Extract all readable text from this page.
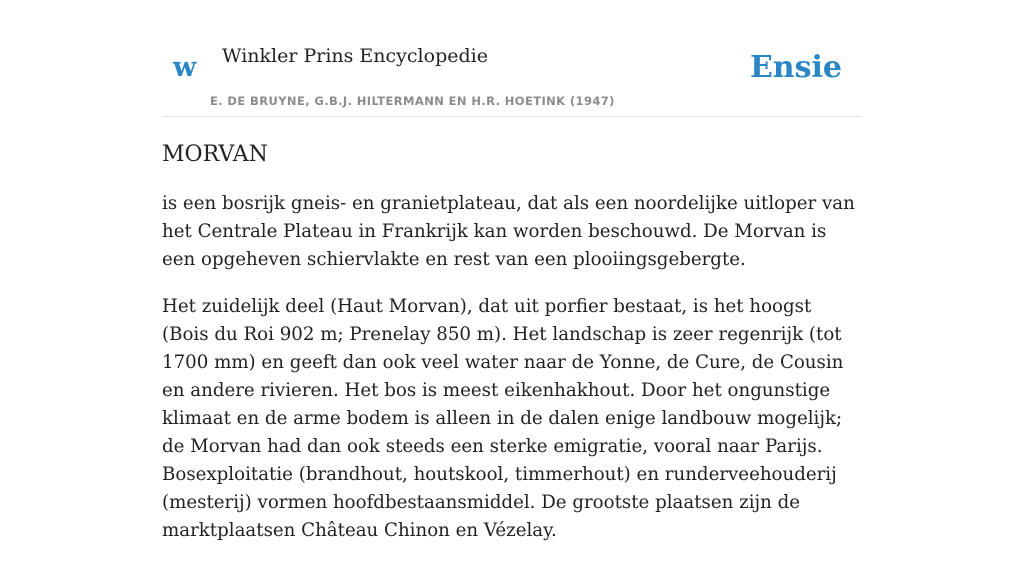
w Winkler Prins Encyclopedie
E. DE BRUYNE, G.B.J. HILTERMANN EN H.R. HOETINK (1947)
Ensie
MORVAN

is een bosrijk gneis- en granietplateau, dat als een noordelijke uitloper van het Centrale Plateau in Frankrijk kan worden beschouwd. De Morvan is een opgeheven schiervlakte en rest van een plooiingsgebergte.

Het zuidelijk deel (Haut Morvan), dat uit porfier bestaat, is het hoogst (Bois du Roi 902 m; Prenelay 850 m). Het landschap is zeer regenrijk (tot 1700 mm) en geeft dan ook veel water naar de Yonne, de Cure, de Cousin en andere rivieren. Het bos is meest eikenhakhout. Door het ongunstige klimaat en de arme bodem is alleen in de dalen enige landbouw mogelijk; de Morvan had dan ook steeds een sterke emigratie, vooral naar Parijs. Bosexploitatie (brandhout, houtskool, timmerhout) en runderveehouderij (mesterij) vormen hoofdbestaansmiddel. De grootste plaatsen zijn de marktplaatsen Château Chinon en Vézelay.
